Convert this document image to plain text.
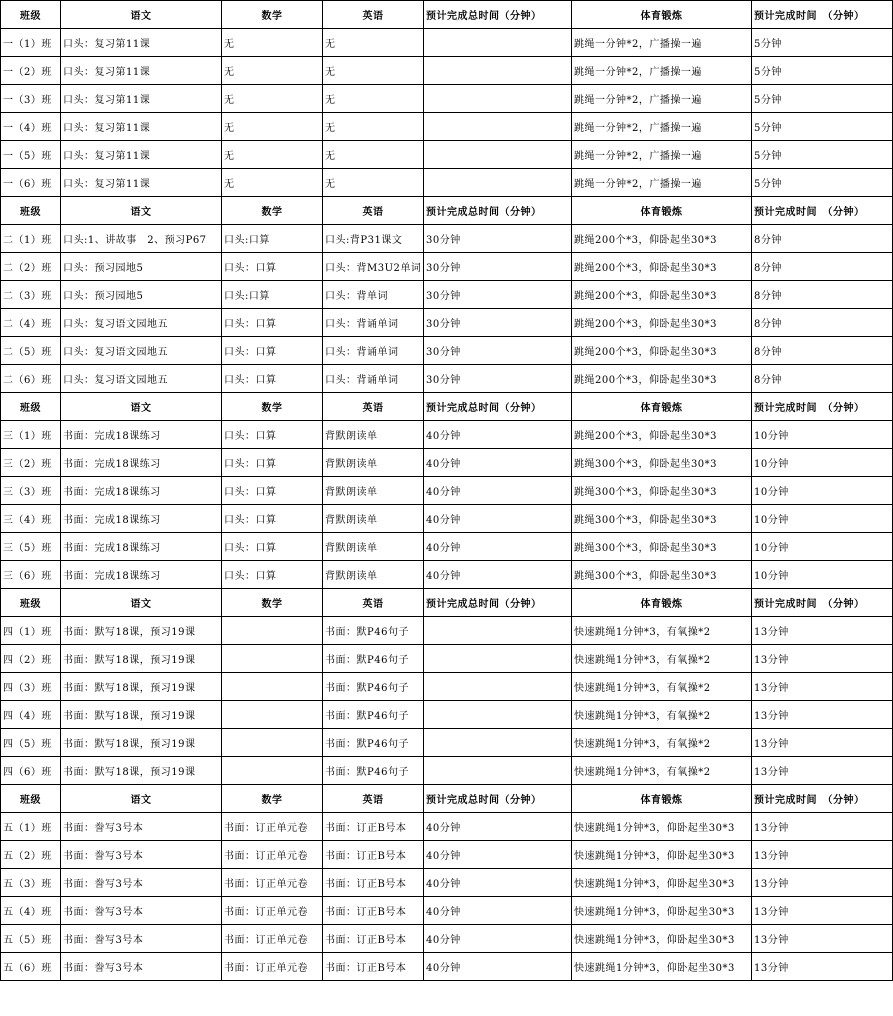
班级	语文	数学	英语	预计完成总时间（分钟）	体育锻炼	预计完成时间　（分钟）
一（1）班	口头：复习第11课	无	无		跳绳一分钟*2，广播操一遍	5分钟
一（2）班	口头：复习第11课	无	无		跳绳一分钟*2，广播操一遍	5分钟
一（3）班	口头：复习第11课	无	无		跳绳一分钟*2，广播操一遍	5分钟
一（4）班	口头：复习第11课	无	无		跳绳一分钟*2，广播操一遍	5分钟
一（5）班	口头：复习第11课	无	无		跳绳一分钟*2，广播操一遍	5分钟
一（6）班	口头：复习第11课	无	无		跳绳一分钟*2，广播操一遍	5分钟
班级	语文	数学	英语	预计完成总时间（分钟）	体育锻炼	预计完成时间　（分钟）
二（1）班	口头:1、讲故事　2、预习P67	口头:口算	口头:背P31课文	30分钟	跳绳200个*3，仰卧起坐30*3	8分钟
二（2）班	口头：预习园地5	口头：口算	口头：背M3U2单词	30分钟	跳绳200个*3，仰卧起坐30*3	8分钟
二（3）班	口头：预习园地5	口头:口算	口头：背单词	30分钟	跳绳200个*3，仰卧起坐30*3	8分钟
二（4）班	口头：复习语文园地五	口头：口算	口头：背诵单词	30分钟	跳绳200个*3，仰卧起坐30*3	8分钟
二（5）班	口头：复习语文园地五	口头：口算	口头：背诵单词	30分钟	跳绳200个*3，仰卧起坐30*3	8分钟
二（6）班	口头：复习语文园地五	口头：口算	口头：背诵单词	30分钟	跳绳200个*3，仰卧起坐30*3	8分钟
班级	语文	数学	英语	预计完成总时间（分钟）	体育锻炼	预计完成时间　（分钟）
三（1）班	书面：完成18课练习	口头：口算	背默朗读单	40分钟	跳绳200个*3，仰卧起坐30*3	10分钟
三（2）班	书面：完成18课练习	口头：口算	背默朗读单	40分钟	跳绳300个*3，仰卧起坐30*3	10分钟
三（3）班	书面：完成18课练习	口头：口算	背默朗读单	40分钟	跳绳300个*3，仰卧起坐30*3	10分钟
三（4）班	书面：完成18课练习	口头：口算	背默朗读单	40分钟	跳绳300个*3，仰卧起坐30*3	10分钟
三（5）班	书面：完成18课练习	口头：口算	背默朗读单	40分钟	跳绳300个*3，仰卧起坐30*3	10分钟
三（6）班	书面：完成18课练习	口头：口算	背默朗读单	40分钟	跳绳300个*3，仰卧起坐30*3	10分钟
班级	语文	数学	英语	预计完成总时间（分钟）	体育锻炼	预计完成时间　（分钟）
四（1）班	书面：默写18课，预习19课		书面：默P46句子		快速跳绳1分钟*3，有氧操*2	13分钟
四（2）班	书面：默写18课，预习19课		书面：默P46句子		快速跳绳1分钟*3，有氧操*2	13分钟
四（3）班	书面：默写18课，预习19课		书面：默P46句子		快速跳绳1分钟*3，有氧操*2	13分钟
四（4）班	书面：默写18课，预习19课		书面：默P46句子		快速跳绳1分钟*3，有氧操*2	13分钟
四（5）班	书面：默写18课，预习19课		书面：默P46句子		快速跳绳1分钟*3，有氧操*2	13分钟
四（6）班	书面：默写18课，预习19课		书面：默P46句子		快速跳绳1分钟*3，有氧操*2	13分钟
班级	语文	数学	英语	预计完成总时间（分钟）	体育锻炼	预计完成时间　（分钟）
五（1）班	书面：誊写3号本	书面：订正单元卷	书面：订正B号本	40分钟	快速跳绳1分钟*3，仰卧起坐30*3	13分钟
五（2）班	书面：誊写3号本	书面：订正单元卷	书面：订正B号本	40分钟	快速跳绳1分钟*3，仰卧起坐30*3	13分钟
五（3）班	书面：誊写3号本	书面：订正单元卷	书面：订正B号本	40分钟	快速跳绳1分钟*3，仰卧起坐30*3	13分钟
五（4）班	书面：誊写3号本	书面：订正单元卷	书面：订正B号本	40分钟	快速跳绳1分钟*3，仰卧起坐30*3	13分钟
五（5）班	书面：誊写3号本	书面：订正单元卷	书面：订正B号本	40分钟	快速跳绳1分钟*3，仰卧起坐30*3	13分钟
五（6）班	书面：誊写3号本	书面：订正单元卷	书面：订正B号本	40分钟	快速跳绳1分钟*3，仰卧起坐30*3	13分钟
